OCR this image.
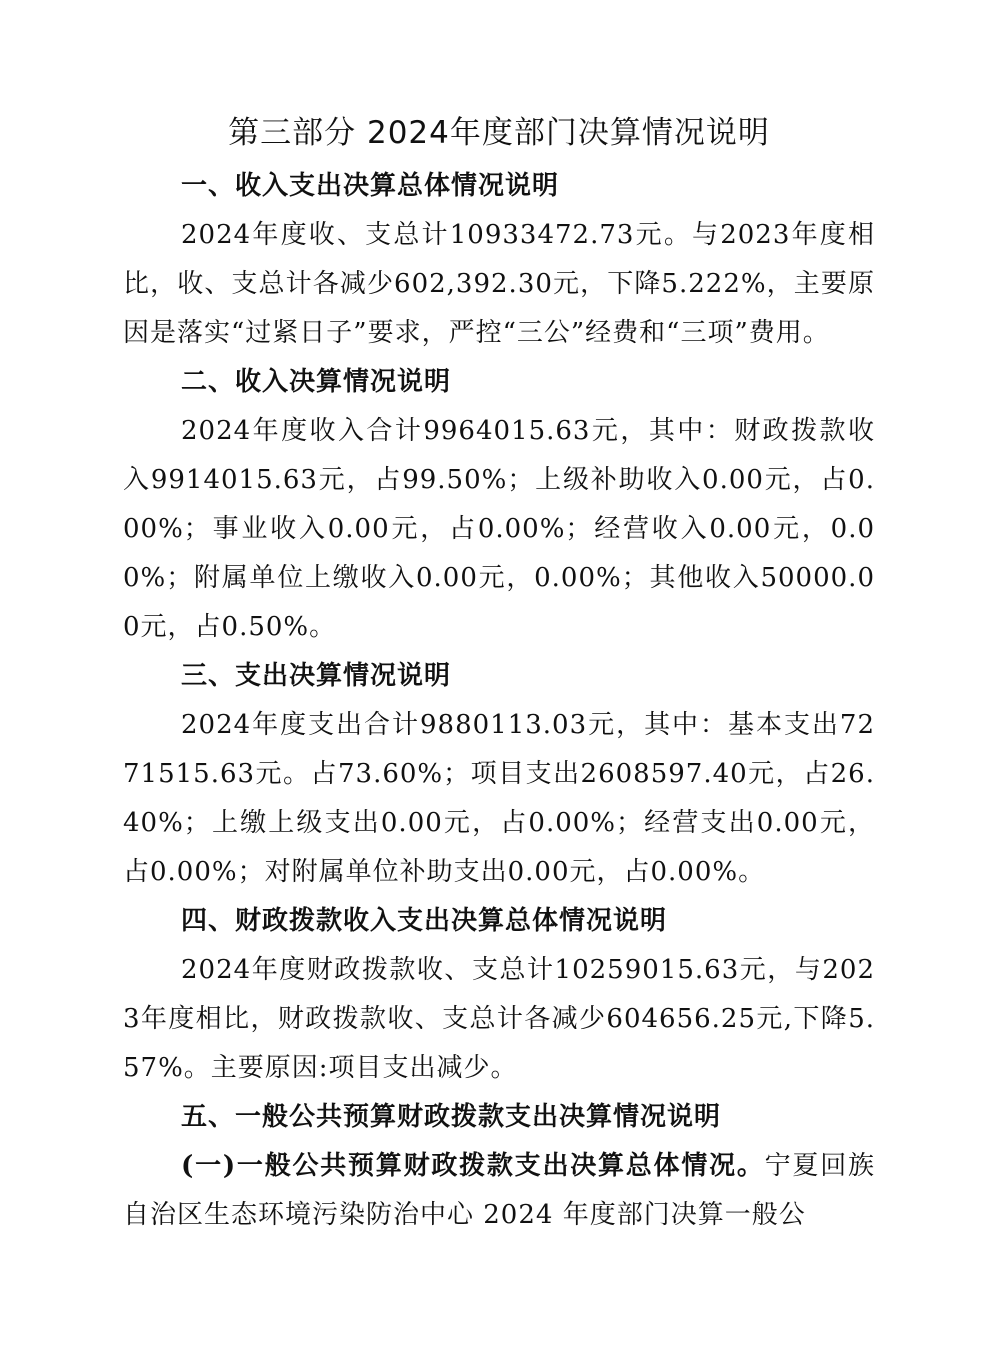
第三部分 2024年度部门决算情况说明

一、收入支出决算总体情况说明

2024年度收、支总计10933472.73元。与2023年度相比，收、支总计各减少602,392.30元，下降5.222%，主要原因是落实“过紧日子”要求，严控“三公”经费和“三项”费用。

二、收入决算情况说明

2024年度收入合计9964015.63元，其中：财政拨款收入9914015.63元，占99.50%；上级补助收入0.00元，占0.00%；事业收入0.00元，占0.00%；经营收入0.00元，0.00%；附属单位上缴收入0.00元，0.00%；其他收入50000.00元，占0.50%。

三、支出决算情况说明

2024年度支出合计9880113.03元，其中：基本支出7271515.63元。占73.60%；项目支出2608597.40元，占26.40%；上缴上级支出0.00元，占0.00%；经营支出0.00元，占0.00%；对附属单位补助支出0.00元，占0.00%。

四、财政拨款收入支出决算总体情况说明

2024年度财政拨款收、支总计10259015.63元，与2023年度相比，财政拨款收、支总计各减少604656.25元,下降5.57%。主要原因:项目支出减少。

五、一般公共预算财政拨款支出决算情况说明

(一)一般公共预算财政拨款支出决算总体情况。宁夏回族自治区生态环境污染防治中心 2024 年度部门决算一般公
